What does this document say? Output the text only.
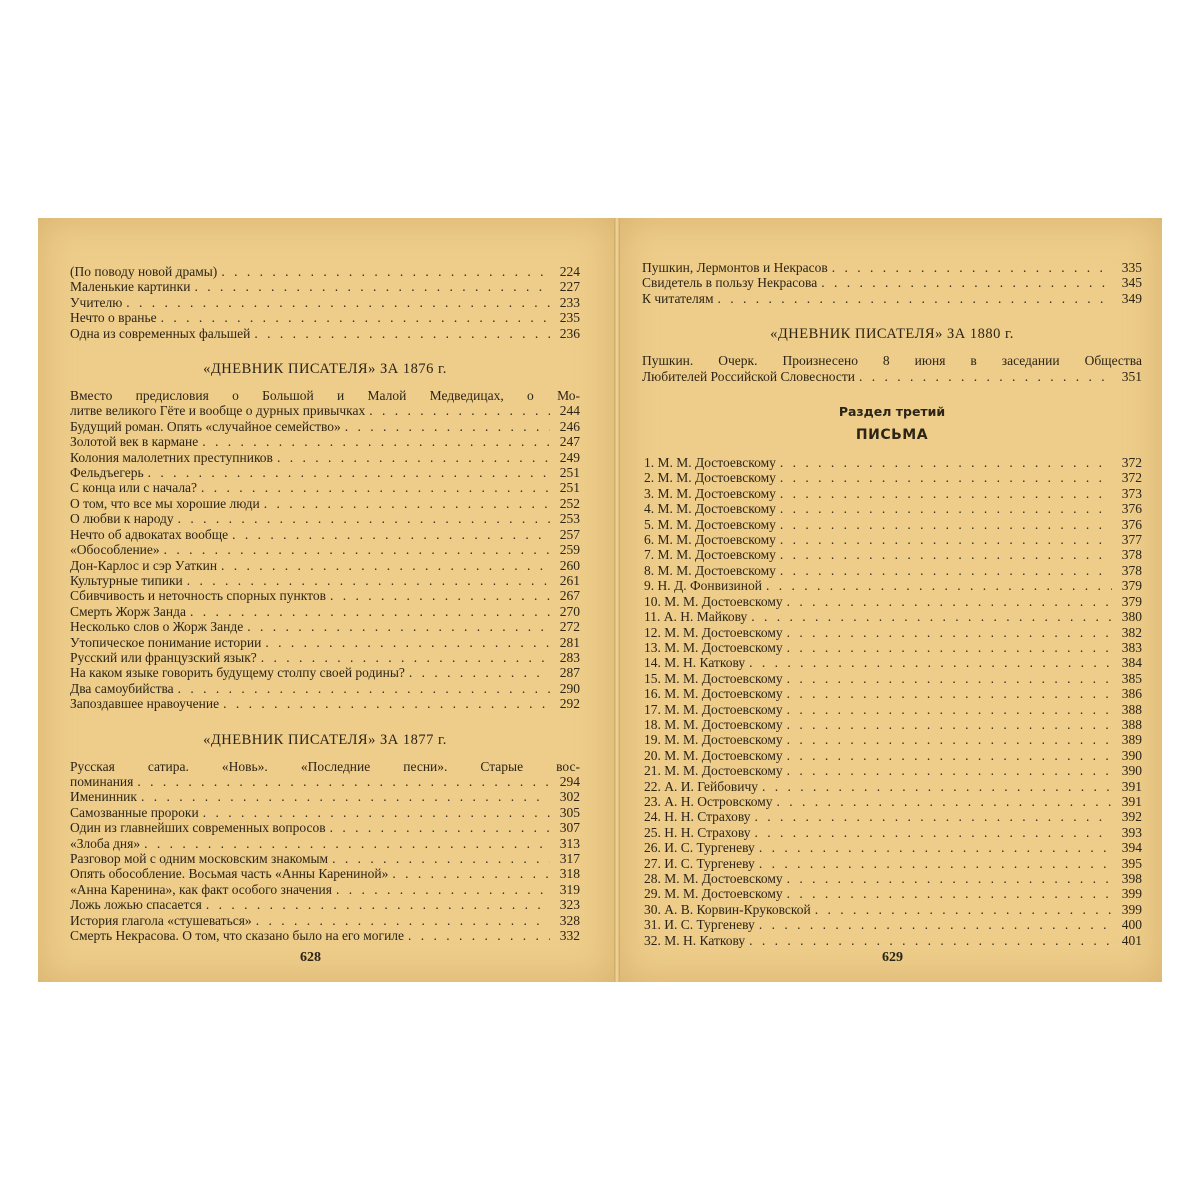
(По поводу новой драмы) . . .	224
Маленькие картинки . . .	227
Учителю . . .	233
Нечто о вранье . . .	235
Одна из современных фальшей . . .	236
«ДНЕВНИК ПИСАТЕЛЯ» ЗА 1876 г.
Вместо предисловия о Большой и Малой Медведицах, о Мо-
литве великого Гёте и вообще о дурных привычках . . .	244
Будущий роман. Опять «случайное семейство» . . .	246
Золотой век в кармане . . .	247
Колония малолетних преступников . . .	249
Фельдъегерь . . .	251
С конца или с начала? . . .	251
О том, что все мы хорошие люди . . .	252
О любви к народу . . .	253
Нечто об адвокатах вообще . . .	257
«Обособление» . . .	259
Дон-Карлос и сэр Уаткин . . .	260
Культурные типики . . .	261
Сбивчивость и неточность спорных пунктов . . .	267
Смерть Жорж Занда . . .	270
Несколько слов о Жорж Занде . . .	272
Утопическое понимание истории . . .	281
Русский или французский язык? . . .	283
На каком языке говорить будущему столпу своей родины? . . .	287
Два самоубийства . . .	290
Запоздавшее нравоучение . . .	292
«ДНЕВНИК ПИСАТЕЛЯ» ЗА 1877 г.
Русская сатира. «Новь». «Последние песни». Старые вос-
поминания . . .	294
Именинник . . .	302
Самозванные пророки . . .	305
Один из главнейших современных вопросов . . .	307
«Злоба дня» . . .	313
Разговор мой с одним московским знакомым . . .	317
Опять обособление. Восьмая часть «Анны Карениной» . . .	318
«Анна Каренина», как факт особого значения . . .	319
Ложь ложью спасается . . .	323
История глагола «стушеваться» . . .	328
Смерть Некрасова. О том, что сказано было на его могиле . . .	332
628
Пушкин, Лермонтов и Некрасов . . .	335
Свидетель в пользу Некрасова . . .	345
К читателям . . .	349
«ДНЕВНИК ПИСАТЕЛЯ» ЗА 1880 г.
Пушкин. Очерк. Произнесено 8 июня в заседании Общества
Любителей Российской Словесности . . .	351
Раздел третий
ПИСЬМА
1. М. М. Достоевскому . . .	372
2. М. М. Достоевскому . . .	372
3. М. М. Достоевскому . . .	373
4. М. М. Достоевскому . . .	376
5. М. М. Достоевскому . . .	376
6. М. М. Достоевскому . . .	377
7. М. М. Достоевскому . . .	378
8. М. М. Достоевскому . . .	378
9. Н. Д. Фонвизиной . . .	379
10. М. М. Достоевскому . . .	379
11. А. Н. Майкову . . .	380
12. М. М. Достоевскому . . .	382
13. М. М. Достоевскому . . .	383
14. М. Н. Каткову . . .	384
15. М. М. Достоевскому . . .	385
16. М. М. Достоевскому . . .	386
17. М. М. Достоевскому . . .	388
18. М. М. Достоевскому . . .	388
19. М. М. Достоевскому . . .	389
20. М. М. Достоевскому . . .	390
21. М. М. Достоевскому . . .	390
22. А. И. Гейбовичу . . .	391
23. А. Н. Островскому . . .	391
24. Н. Н. Страхову . . .	392
25. Н. Н. Страхову . . .	393
26. И. С. Тургеневу . . .	394
27. И. С. Тургеневу . . .	395
28. М. М. Достоевскому . . .	398
29. М. М. Достоевскому . . .	399
30. А. В. Корвин-Круковской . . .	399
31. И. С. Тургеневу . . .	400
32. М. Н. Каткову . . .	401
629
